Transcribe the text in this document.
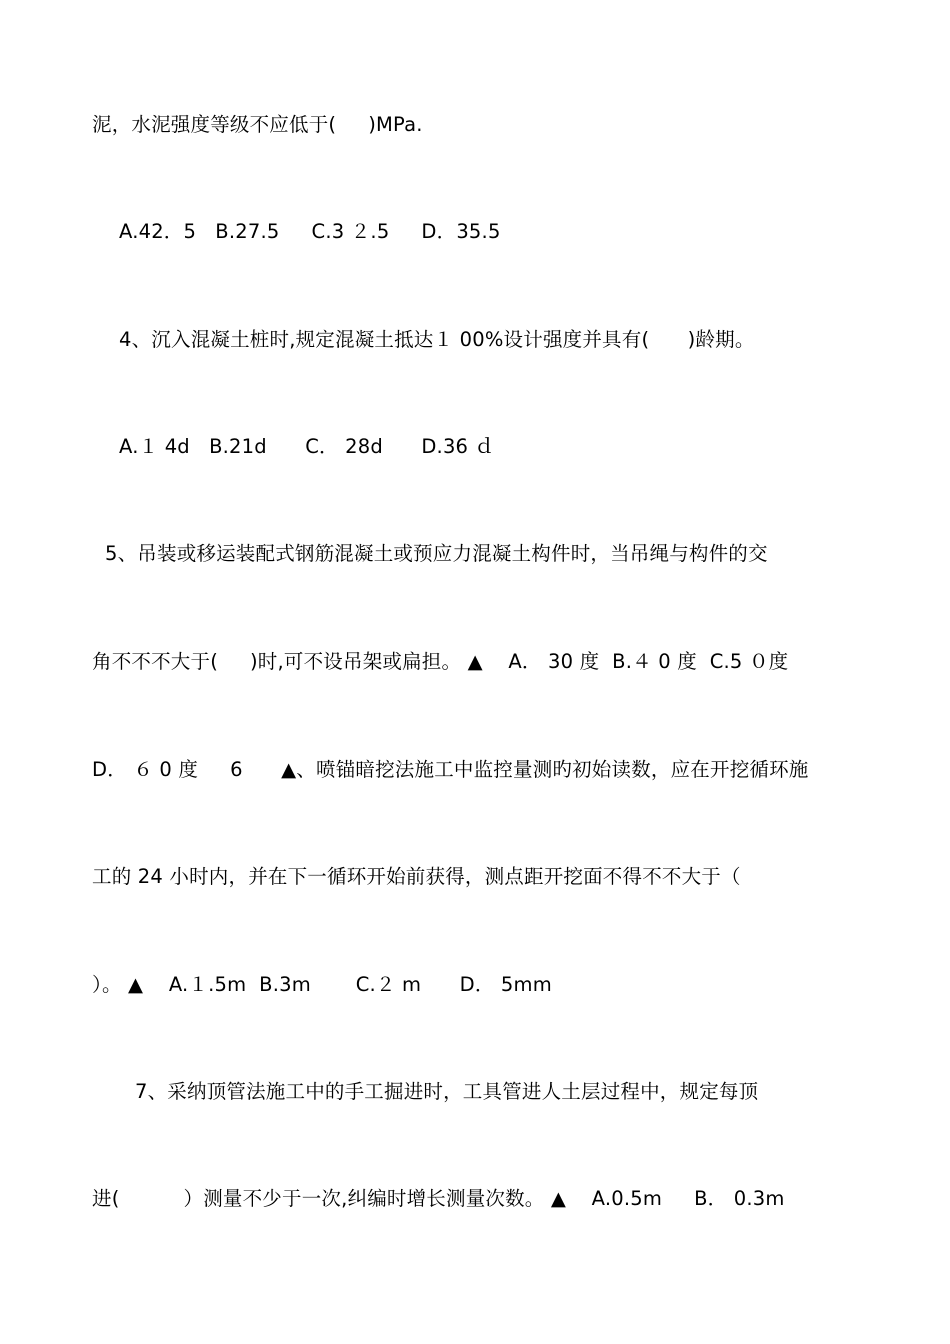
泥，水泥强度等级不应低于(     )MPa.
A.42．5   B.27.5     C.3 ２.5     D．35.5
4、沉入混凝土桩时,规定混凝土抵达１ 00%设计强度并具有(      )龄期。
A.１ 4d   B.21d      C． 28d      D.36 ｄ
5、吊装或移运装配式钢筋混凝土或预应力混凝土构件时，当吊绳与构件的交
角不不不大于(     )时,可不设吊架或扁担。 ▲    A． 30 度  B.４ 0 度  C.5 ０度
D． ６ 0 度     6      ▲、喷锚暗挖法施工中监控量测旳初始读数，应在开挖循环施
工的 24 小时内，并在下一循环开始前获得，测点距开挖面不得不不大于（
）。 ▲    A.１.5m  B.3m       C.２ m      D． 5mm
7、采纳顶管法施工中的手工掘进时，工具管进人土层过程中，规定每顶
进(          ）测量不少于一次,纠编时增长测量次数。 ▲    A.0.5m     B． 0.3m
